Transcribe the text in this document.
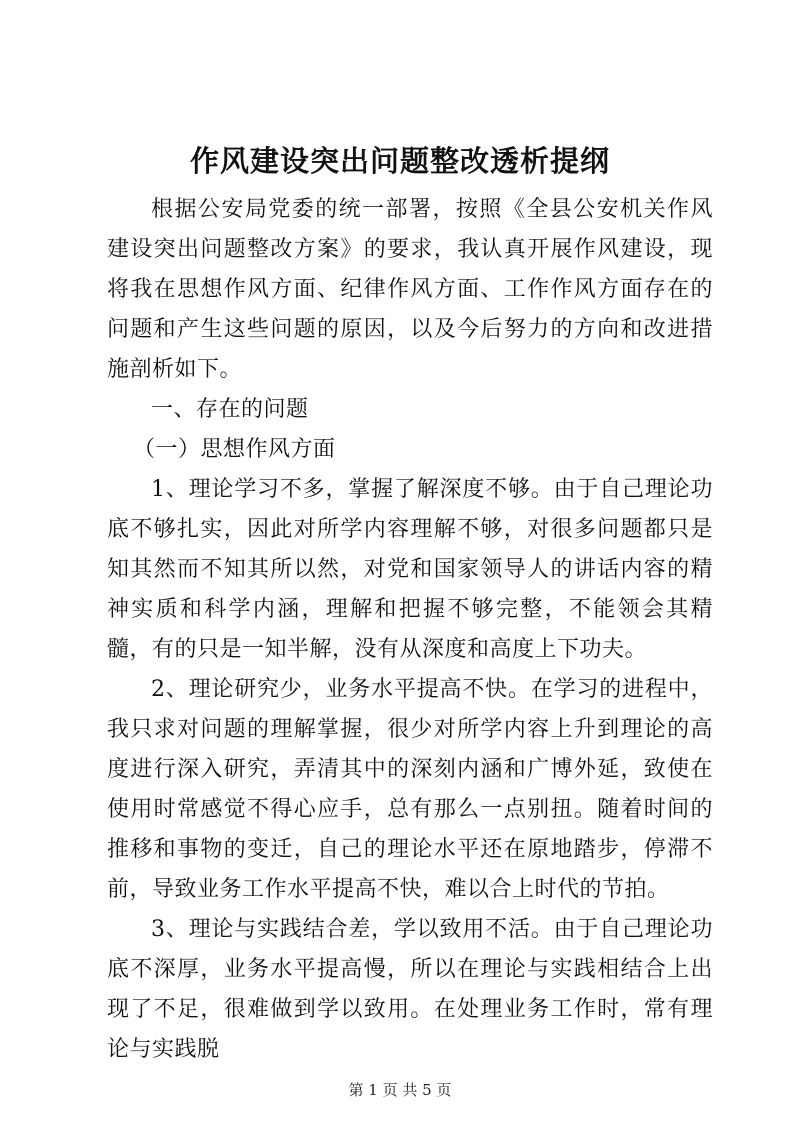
作风建设突出问题整改透析提纲

根据公安局党委的统一部署，按照《全县公安机关作风建设突出问题整改方案》的要求，我认真开展作风建设，现将我在思想作风方面、纪律作风方面、工作作风方面存在的问题和产生这些问题的原因，以及今后努力的方向和改进措施剖析如下。

一、存在的问题

（一）思想作风方面

1、理论学习不多，掌握了解深度不够。由于自己理论功底不够扎实，因此对所学内容理解不够，对很多问题都只是知其然而不知其所以然，对党和国家领导人的讲话内容的精神实质和科学内涵，理解和把握不够完整，不能领会其精髓，有的只是一知半解，没有从深度和高度上下功夫。

2、理论研究少，业务水平提高不快。在学习的进程中，我只求对问题的理解掌握，很少对所学内容上升到理论的高度进行深入研究，弄清其中的深刻内涵和广博外延，致使在使用时常感觉不得心应手，总有那么一点别扭。随着时间的推移和事物的变迁，自己的理论水平还在原地踏步，停滞不前，导致业务工作水平提高不快，难以合上时代的节拍。

3、理论与实践结合差，学以致用不活。由于自己理论功底不深厚，业务水平提高慢，所以在理论与实践相结合上出现了不足，很难做到学以致用。在处理业务工作时，常有理论与实践脱

第 1 页 共 5 页
